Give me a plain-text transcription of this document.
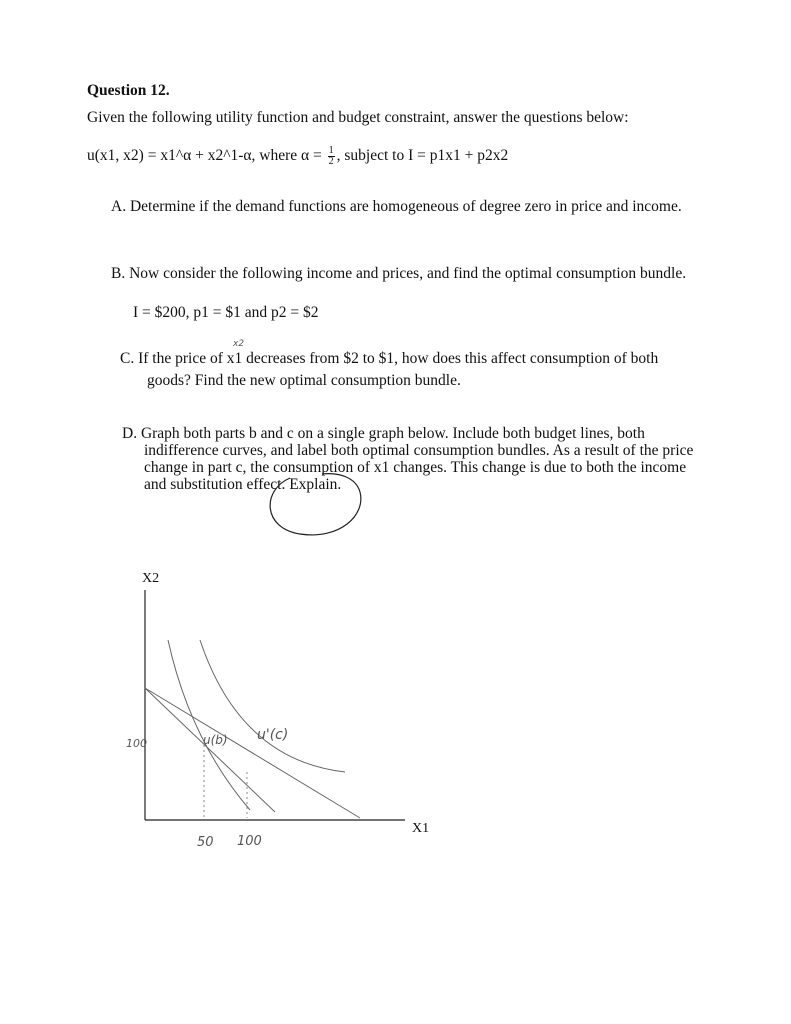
Question 12.
Given the following utility function and budget constraint, answer the questions below:
u(x1, x2) = x1^α + x2^1-α, where $\alpha = \frac{1}{2}$ , subject to I = p1x1 + p2x2
A. Determine if the demand functions are homogeneous of degree zero in price and income.
B. Now consider the following income and prices, and find the optimal consumption bundle.
I = $200, p1 = $1 and p2 = $2
x2
C. If the price of x1 decreases from $2 to $1, how does this affect consumption of both
goods? Find the new optimal consumption bundle.
D. Graph both parts b and c on a single graph below. Include both budget lines, both
indifference curves, and label both optimal consumption bundles. As a result of the price
change in part c, the consumption of x1 changes. This change is due to both the income
and substitution effect. Explain.
X2
X1
100	u(b) u'(c)
50 100
